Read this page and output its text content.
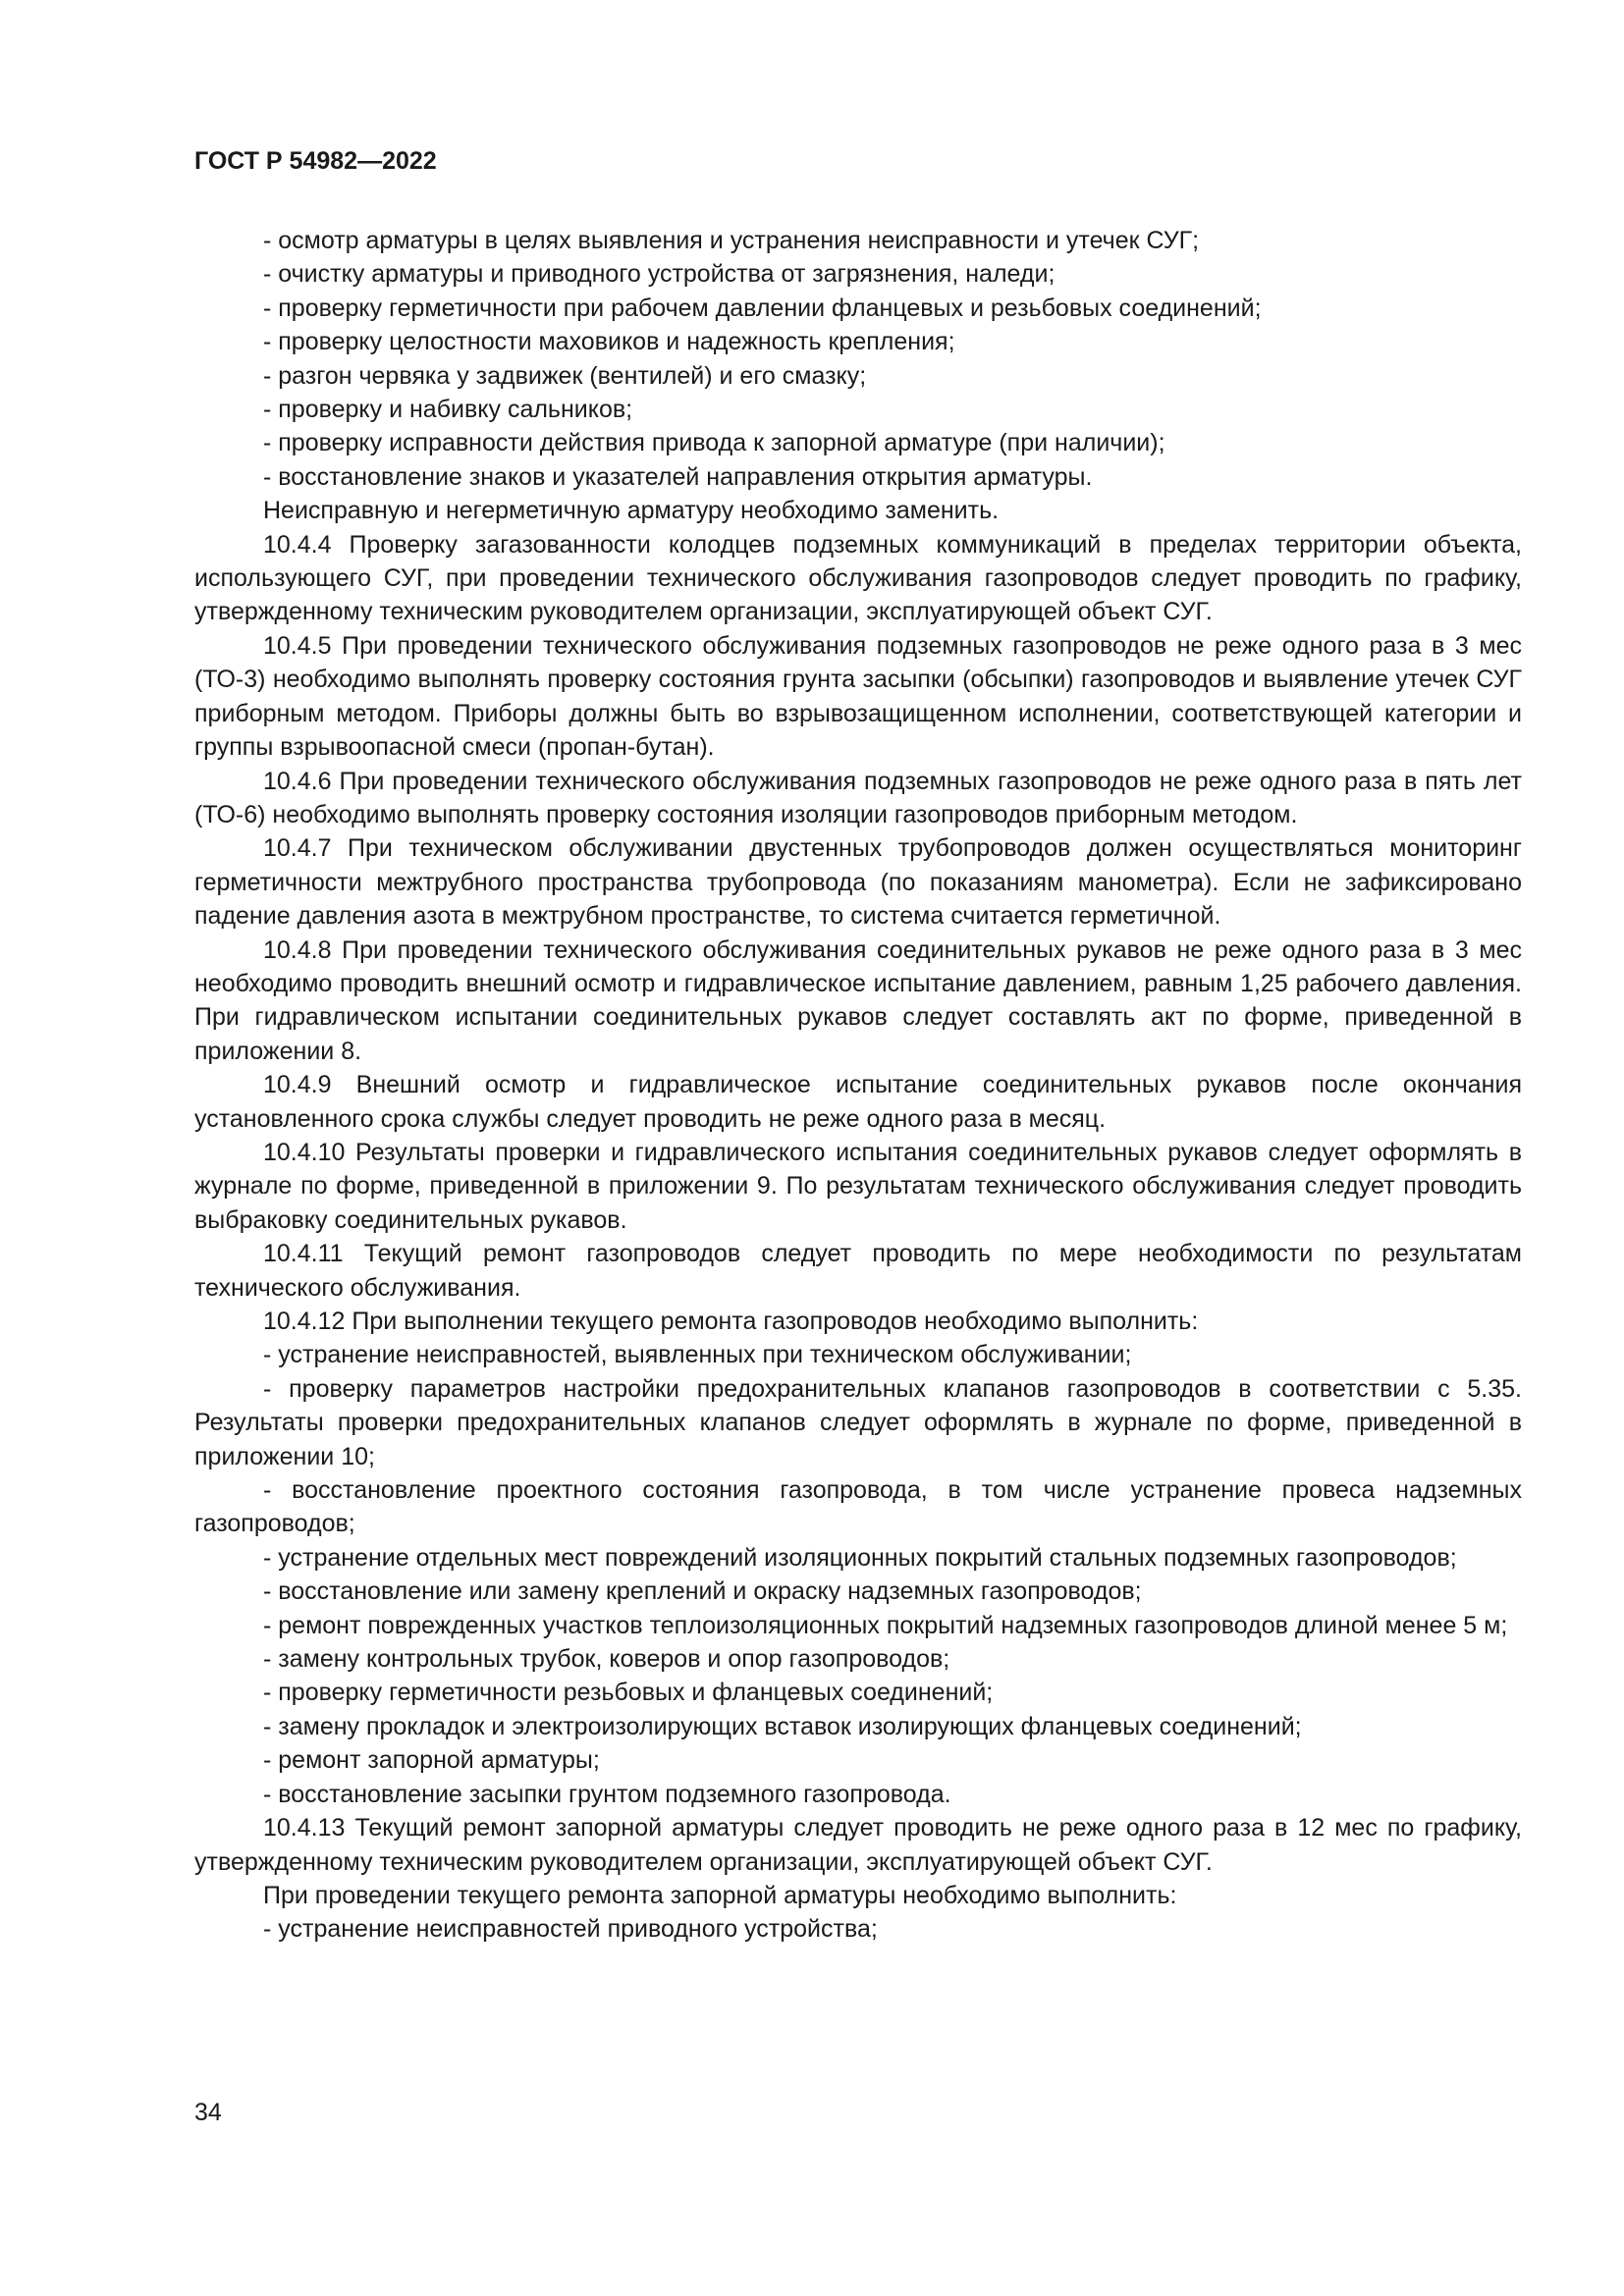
ГОСТ Р 54982—2022

- осмотр арматуры в целях выявления и устранения неисправности и утечек СУГ;

- очистку арматуры и приводного устройства от загрязнения, наледи;

- проверку герметичности при рабочем давлении фланцевых и резьбовых соединений;

- проверку целостности маховиков и надежность крепления;

- разгон червяка у задвижек (вентилей) и его смазку;

- проверку и набивку сальников;

- проверку исправности действия привода к запорной арматуре (при наличии);

- восстановление знаков и указателей направления открытия арматуры.

Неисправную и негерметичную арматуру необходимо заменить.

10.4.4 Проверку загазованности колодцев подземных коммуникаций в пределах территории объекта, использующего СУГ, при проведении технического обслуживания газопроводов следует проводить по графику, утвержденному техническим руководителем организации, эксплуатирующей объект СУГ.

10.4.5 При проведении технического обслуживания подземных газопроводов не реже одного раза в 3 мес (ТО-3) необходимо выполнять проверку состояния грунта засыпки (обсыпки) газопроводов и выявление утечек СУГ приборным методом. Приборы должны быть во взрывозащищенном исполнении, соответствующей категории и группы взрывоопасной смеси (пропан-бутан).

10.4.6 При проведении технического обслуживания подземных газопроводов не реже одного раза в пять лет (ТО-6) необходимо выполнять проверку состояния изоляции газопроводов приборным методом.

10.4.7 При техническом обслуживании двустенных трубопроводов должен осуществляться мониторинг герметичности межтрубного пространства трубопровода (по показаниям манометра). Если не зафиксировано падение давления азота в межтрубном пространстве, то система считается герметичной.

10.4.8 При проведении технического обслуживания соединительных рукавов не реже одного раза в 3 мес необходимо проводить внешний осмотр и гидравлическое испытание давлением, равным 1,25 рабочего давления. При гидравлическом испытании соединительных рукавов следует составлять акт по форме, приведенной в приложении 8.

10.4.9 Внешний осмотр и гидравлическое испытание соединительных рукавов после окончания установленного срока службы следует проводить не реже одного раза в месяц.

10.4.10 Результаты проверки и гидравлического испытания соединительных рукавов следует оформлять в журнале по форме, приведенной в приложении 9. По результатам технического обслуживания следует проводить выбраковку соединительных рукавов.

10.4.11 Текущий ремонт газопроводов следует проводить по мере необходимости по результатам технического обслуживания.

10.4.12 При выполнении текущего ремонта газопроводов необходимо выполнить:

- устранение неисправностей, выявленных при техническом обслуживании;

- проверку параметров настройки предохранительных клапанов газопроводов в соответствии с 5.35. Результаты проверки предохранительных клапанов следует оформлять в журнале по форме, приведенной в приложении 10;

- восстановление проектного состояния газопровода, в том числе устранение провеса надземных газопроводов;

- устранение отдельных мест повреждений изоляционных покрытий стальных подземных газопроводов;

- восстановление или замену креплений и окраску надземных газопроводов;

- ремонт поврежденных участков теплоизоляционных покрытий надземных газопроводов длиной менее 5 м;

- замену контрольных трубок, коверов и опор газопроводов;

- проверку герметичности резьбовых и фланцевых соединений;

- замену прокладок и электроизолирующих вставок изолирующих фланцевых соединений;

- ремонт запорной арматуры;

- восстановление засыпки грунтом подземного газопровода.

10.4.13 Текущий ремонт запорной арматуры следует проводить не реже одного раза в 12 мес по графику, утвержденному техническим руководителем организации, эксплуатирующей объект СУГ.

При проведении текущего ремонта запорной арматуры необходимо выполнить:

- устранение неисправностей приводного устройства;

34
